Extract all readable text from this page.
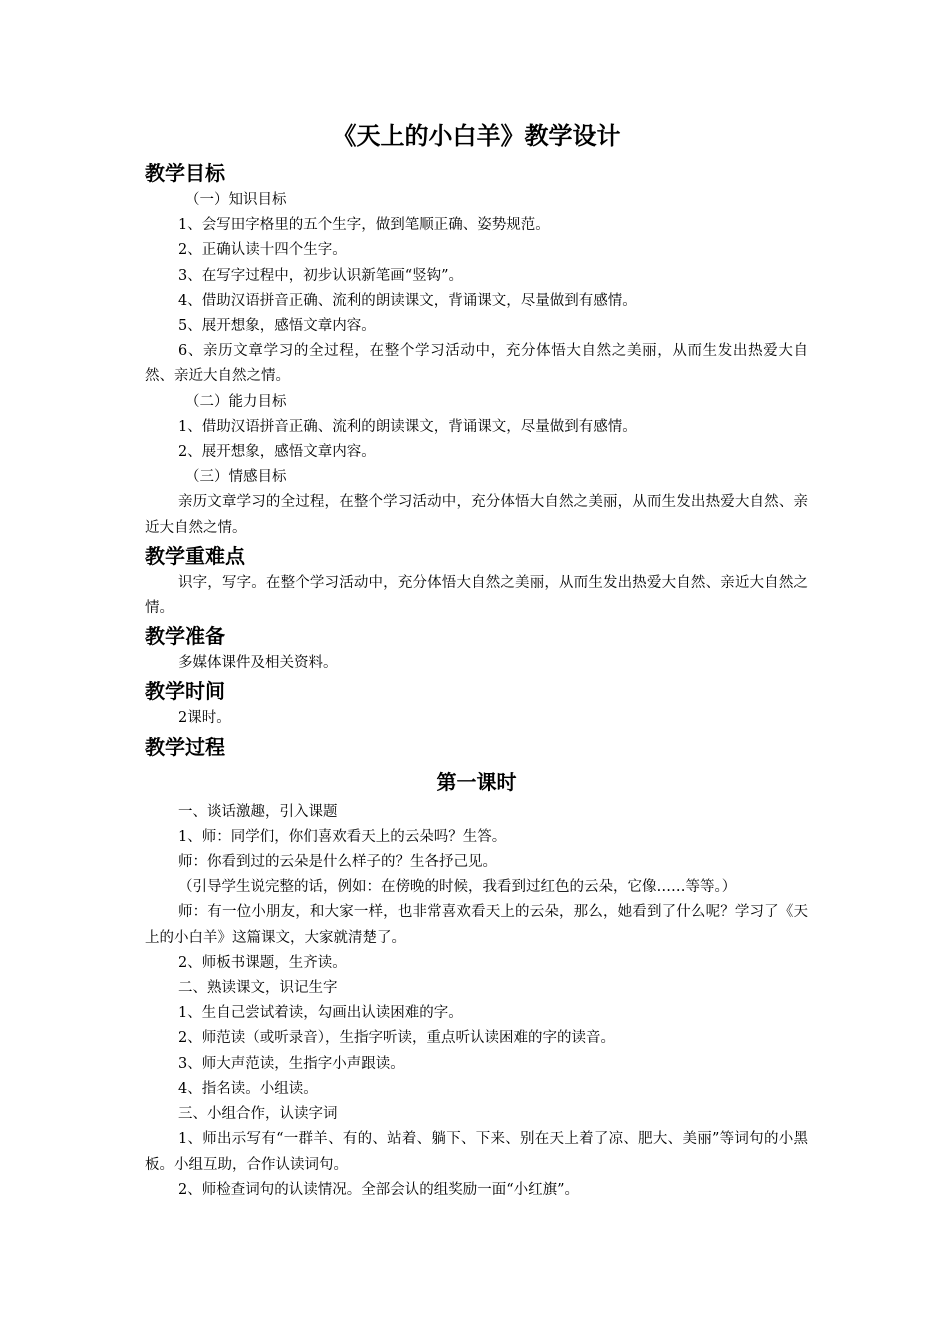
《天上的小白羊》教学设计
教学目标

（一）知识目标

1、会写田字格里的五个生字，做到笔顺正确、姿势规范。

2、正确认读十四个生字。

3、在写字过程中，初步认识新笔画“竖钩”。

4、借助汉语拼音正确、流利的朗读课文，背诵课文，尽量做到有感情。

5、展开想象，感悟文章内容。

6、亲历文章学习的全过程，在整个学习活动中，充分体悟大自然之美丽，从而生发出热爱大自然、亲近大自然之情。

（二）能力目标

1、借助汉语拼音正确、流利的朗读课文，背诵课文，尽量做到有感情。

2、展开想象，感悟文章内容。

（三）情感目标

亲历文章学习的全过程，在整个学习活动中，充分体悟大自然之美丽，从而生发出热爱大自然、亲近大自然之情。

教学重难点

识字，写字。在整个学习活动中，充分体悟大自然之美丽，从而生发出热爱大自然、亲近大自然之情。

教学准备

多媒体课件及相关资料。

教学时间

2课时。

教学过程
第一课时

一、谈话激趣，引入课题

1、师：同学们，你们喜欢看天上的云朵吗？生答。

师：你看到过的云朵是什么样子的？生各抒己见。

（引导学生说完整的话，例如：在傍晚的时候，我看到过红色的云朵，它像……等等。）

师：有一位小朋友，和大家一样，也非常喜欢看天上的云朵，那么，她看到了什么呢？学习了《天上的小白羊》这篇课文，大家就清楚了。

2、师板书课题，生齐读。

二、熟读课文，识记生字

1、生自己尝试着读，勾画出认读困难的字。

2、师范读（或听录音），生指字听读，重点听认读困难的字的读音。

3、师大声范读，生指字小声跟读。

4、指名读。小组读。

三、小组合作，认读字词

1、师出示写有“一群羊、有的、站着、躺下、下来、别在天上着了凉、肥大、美丽”等词句的小黑板。小组互助，合作认读词句。

2、师检查词句的认读情况。全部会认的组奖励一面“小红旗”。
